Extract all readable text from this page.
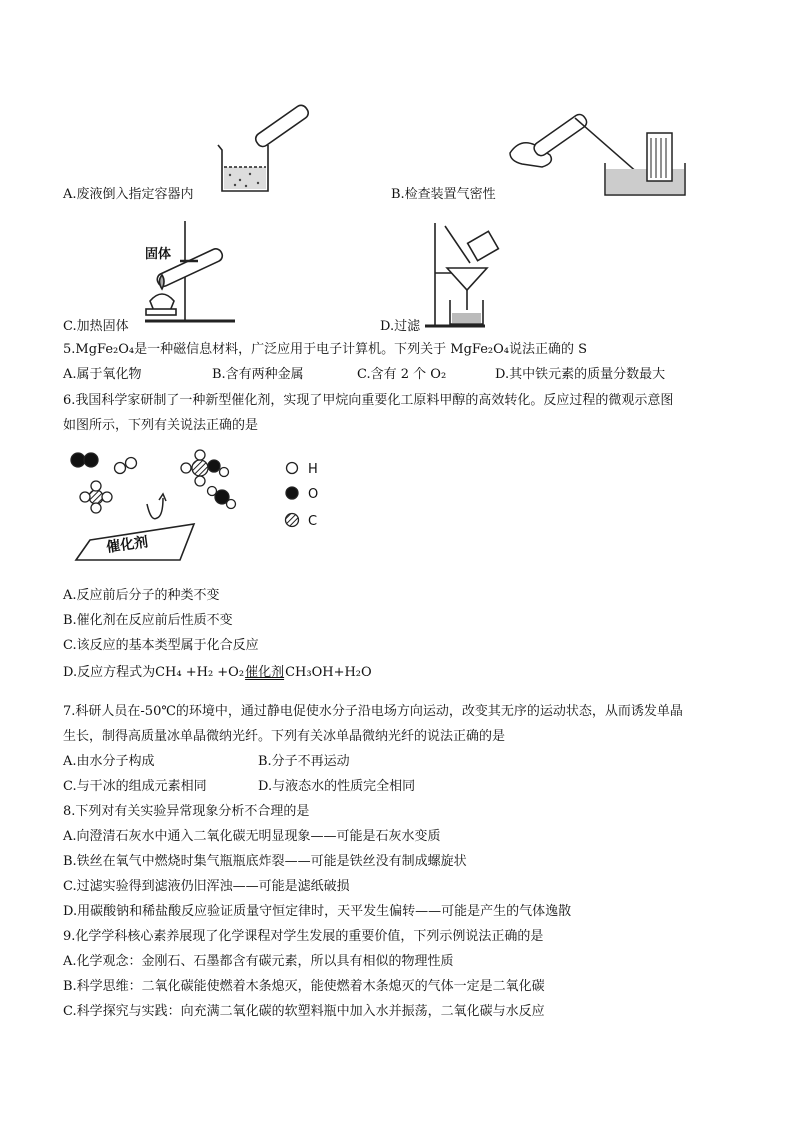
A.废液倒入指定容器内	B.检查装置气密性
固体
C.加热固体	D.过滤
5.MgFe₂O₄是一种磁信息材料，广泛应用于电子计算机。下列关于 MgFe₂O₄说法正确的 S
A.属于氧化物	B.含有两种金属	C.含有 2 个 O₂	D.其中铁元素的质量分数最大
6.我国科学家研制了一种新型催化剂，实现了甲烷向重要化工原料甲醇的高效转化。反应过程的微观示意图
如图所示，下列有关说法正确的是
催化剂
H
O
C
A.反应前后分子的种类不变
B.催化剂在反应前后性质不变
C.该反应的基本类型属于化合反应
D.反应方程式为CH₄ +H₂ +O₂催化剂CH₃OH+H₂O
7.科研人员在-50℃的环境中，通过静电促使水分子沿电场方向运动，改变其无序的运动状态，从而诱发单晶
生长，制得高质量冰单晶微纳光纤。下列有关冰单晶微纳光纤的说法正确的是
A.由水分子构成	B.分子不再运动
C.与干冰的组成元素相同	D.与液态水的性质完全相同
8.下列对有关实验异常现象分析不合理的是
A.向澄清石灰水中通入二氧化碳无明显现象——可能是石灰水变质
B.铁丝在氧气中燃烧时集气瓶瓶底炸裂——可能是铁丝没有制成螺旋状
C.过滤实验得到滤液仍旧浑浊——可能是滤纸破损
D.用碳酸钠和稀盐酸反应验证质量守恒定律时，天平发生偏转——可能是产生的气体逸散
9.化学学科核心素养展现了化学课程对学生发展的重要价值，下列示例说法正确的是
A.化学观念：金刚石、石墨都含有碳元素，所以具有相似的物理性质
B.科学思维：二氧化碳能使燃着木条熄灭，能使燃着木条熄灭的气体一定是二氧化碳
C.科学探究与实践：向充满二氧化碳的软塑料瓶中加入水并振荡，二氧化碳与水反应
